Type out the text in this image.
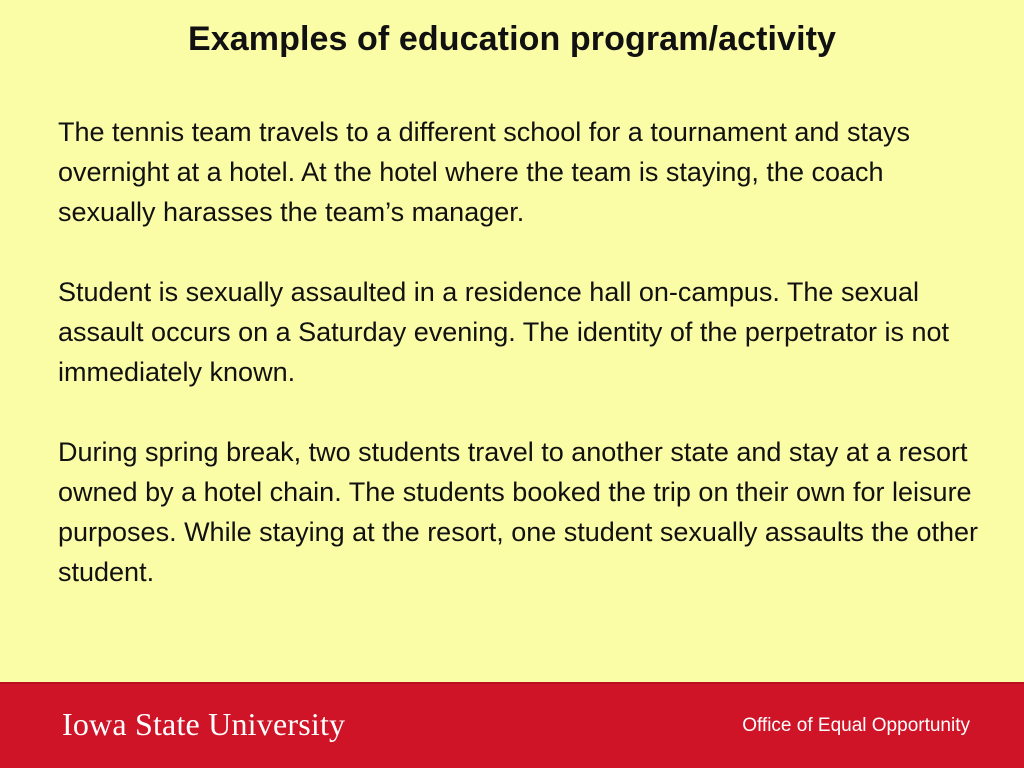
Examples of education program/activity

The tennis team travels to a different school for a tournament and stays overnight at a hotel. At the hotel where the team is staying, the coach sexually harasses the team’s manager.

Student is sexually assaulted in a residence hall on-campus. The sexual assault occurs on a Saturday evening. The identity of the perpetrator is not immediately known.

During spring break, two students travel to another state and stay at a resort owned by a hotel chain. The students booked the trip on their own for leisure purposes. While staying at the resort, one student sexually assaults the other student.

Iowa State University	Office of Equal Opportunity
